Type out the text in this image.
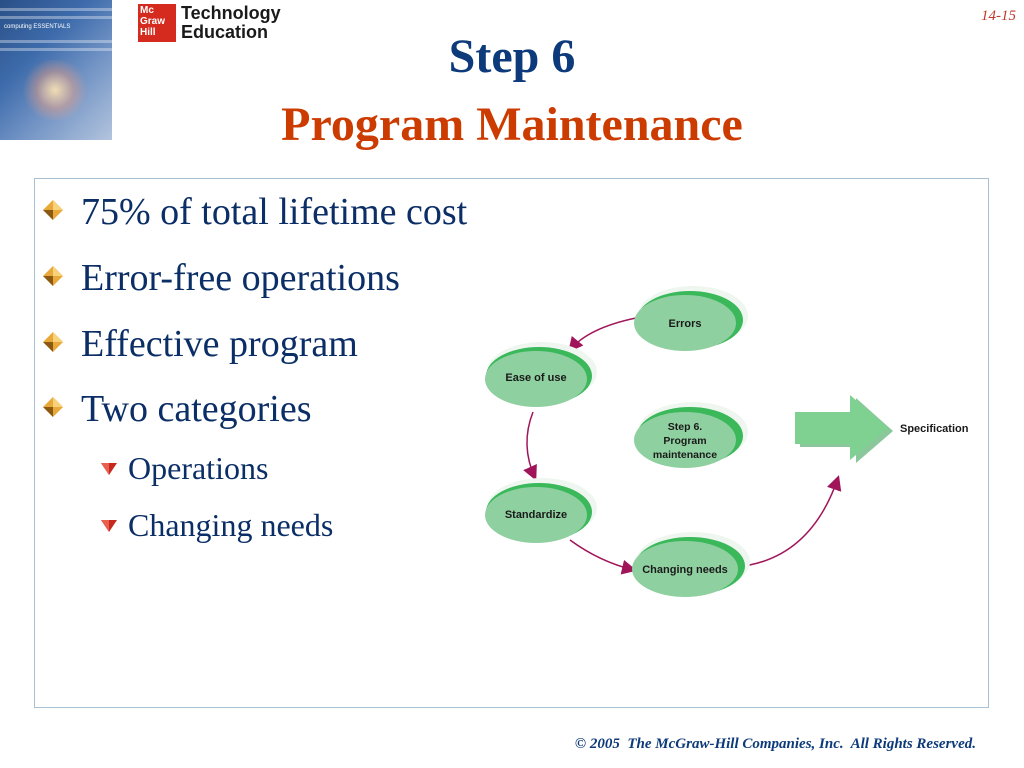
computing ESSENTIALS
Mc
Graw
Hill
Technology
Education
14-15
Step 6
Program Maintenance
75% of total lifetime cost
Error-free operations
Effective program
Two categories
Operations
Changing needs
Errors
Ease of use
Step 6.
Program
maintenance
Standardize
Changing needs
Specification
© 2005  The McGraw-Hill Companies, Inc.  All Rights Reserved.
